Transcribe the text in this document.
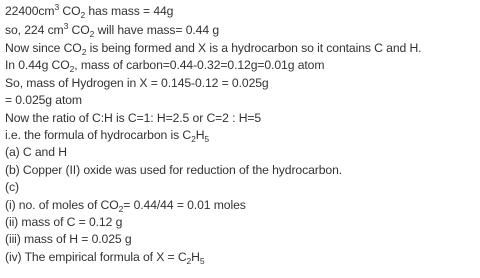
$22400cm^3$ $CO_2$ has mass = 44g
so, 224 $cm^3$ $CO_2$ will have mass= 0.44 g
Now since $CO_2$ is being formed and X is a hydrocarbon so it contains C and H.
In 0.44g $CO_2$, mass of carbon=0.44-0.32=0.12g=0.01g atom
So, mass of Hydrogen in X = 0.145-0.12 = 0.025g
= 0.025g atom
Now the ratio of C:H is C=1: H=2.5 or C=2 : H=5
i.e. the formula of hydrocarbon is $C_2H_5$
(a) C and H
(b) Copper (II) oxide was used for reduction of the hydrocarbon.
(c)
(i) no. of moles of $CO_2= 0.44/44 = 0.01$ moles
(ii) mass of C = 0.12 g
(iii) mass of H = 0.025 g
(iv) The empirical formula of $X = C_2H_5$
